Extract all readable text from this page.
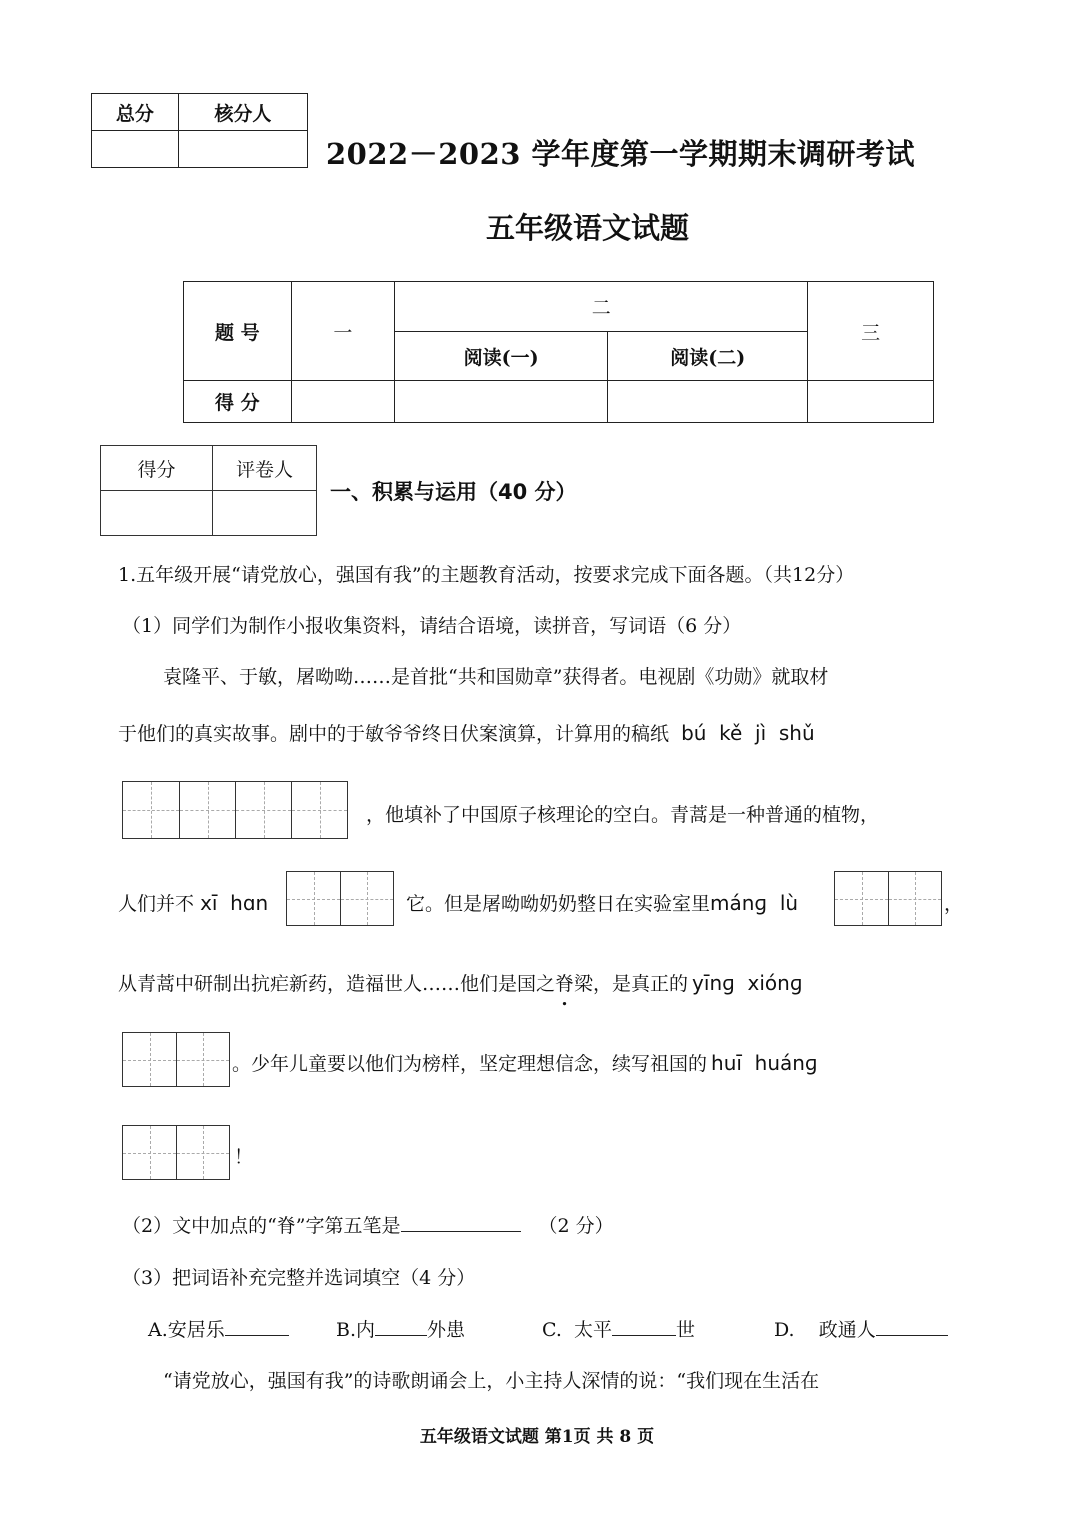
总分	核分人

2022－2023 学年度第一学期期末调研考试
五年级语文试题
题 号	一	二		三
		阅读(一)	阅读(二)	
得 分				
得分	评卷人

一、积累与运用（40 分）
1.五年级开展“请党放心，强国有我”的主题教育活动，按要求完成下面各题。（共12分）
（1）同学们为制作小报收集资料，请结合语境，读拼音，写词语（6 分）
袁隆平、于敏，屠呦呦……是首批“共和国勋章”获得者。电视剧《功勋》就取材
于他们的真实故事。剧中的于敏爷爷终日伏案演算，计算用的稿纸 bú  kě  jì  shǔ
，他填补了中国原子核理论的空白。青蒿是一种普通的植物，
人们并不 xī  hɑn	它。但是屠呦呦奶奶整日在实验室里mánɡ  lù	，
从青蒿中研制出抗疟新药，造福世人……他们是国之脊梁，是真正的 yīnɡ  xiónɡ
。少年儿童要以他们为榜样，坚定理想信念，续写祖国的 huī  huánɡ
！
（2）文中加点的“脊”字第五笔是	（2 分）
（3）把词语补充完整并选词填空（4 分）
A.安居乐	B.内	外患	C.  太平	世	D.    政通人
“请党放心，强国有我”的诗歌朗诵会上，小主持人深情的说：“我们现在生活在
五年级语文试题 第1页 共 8 页
